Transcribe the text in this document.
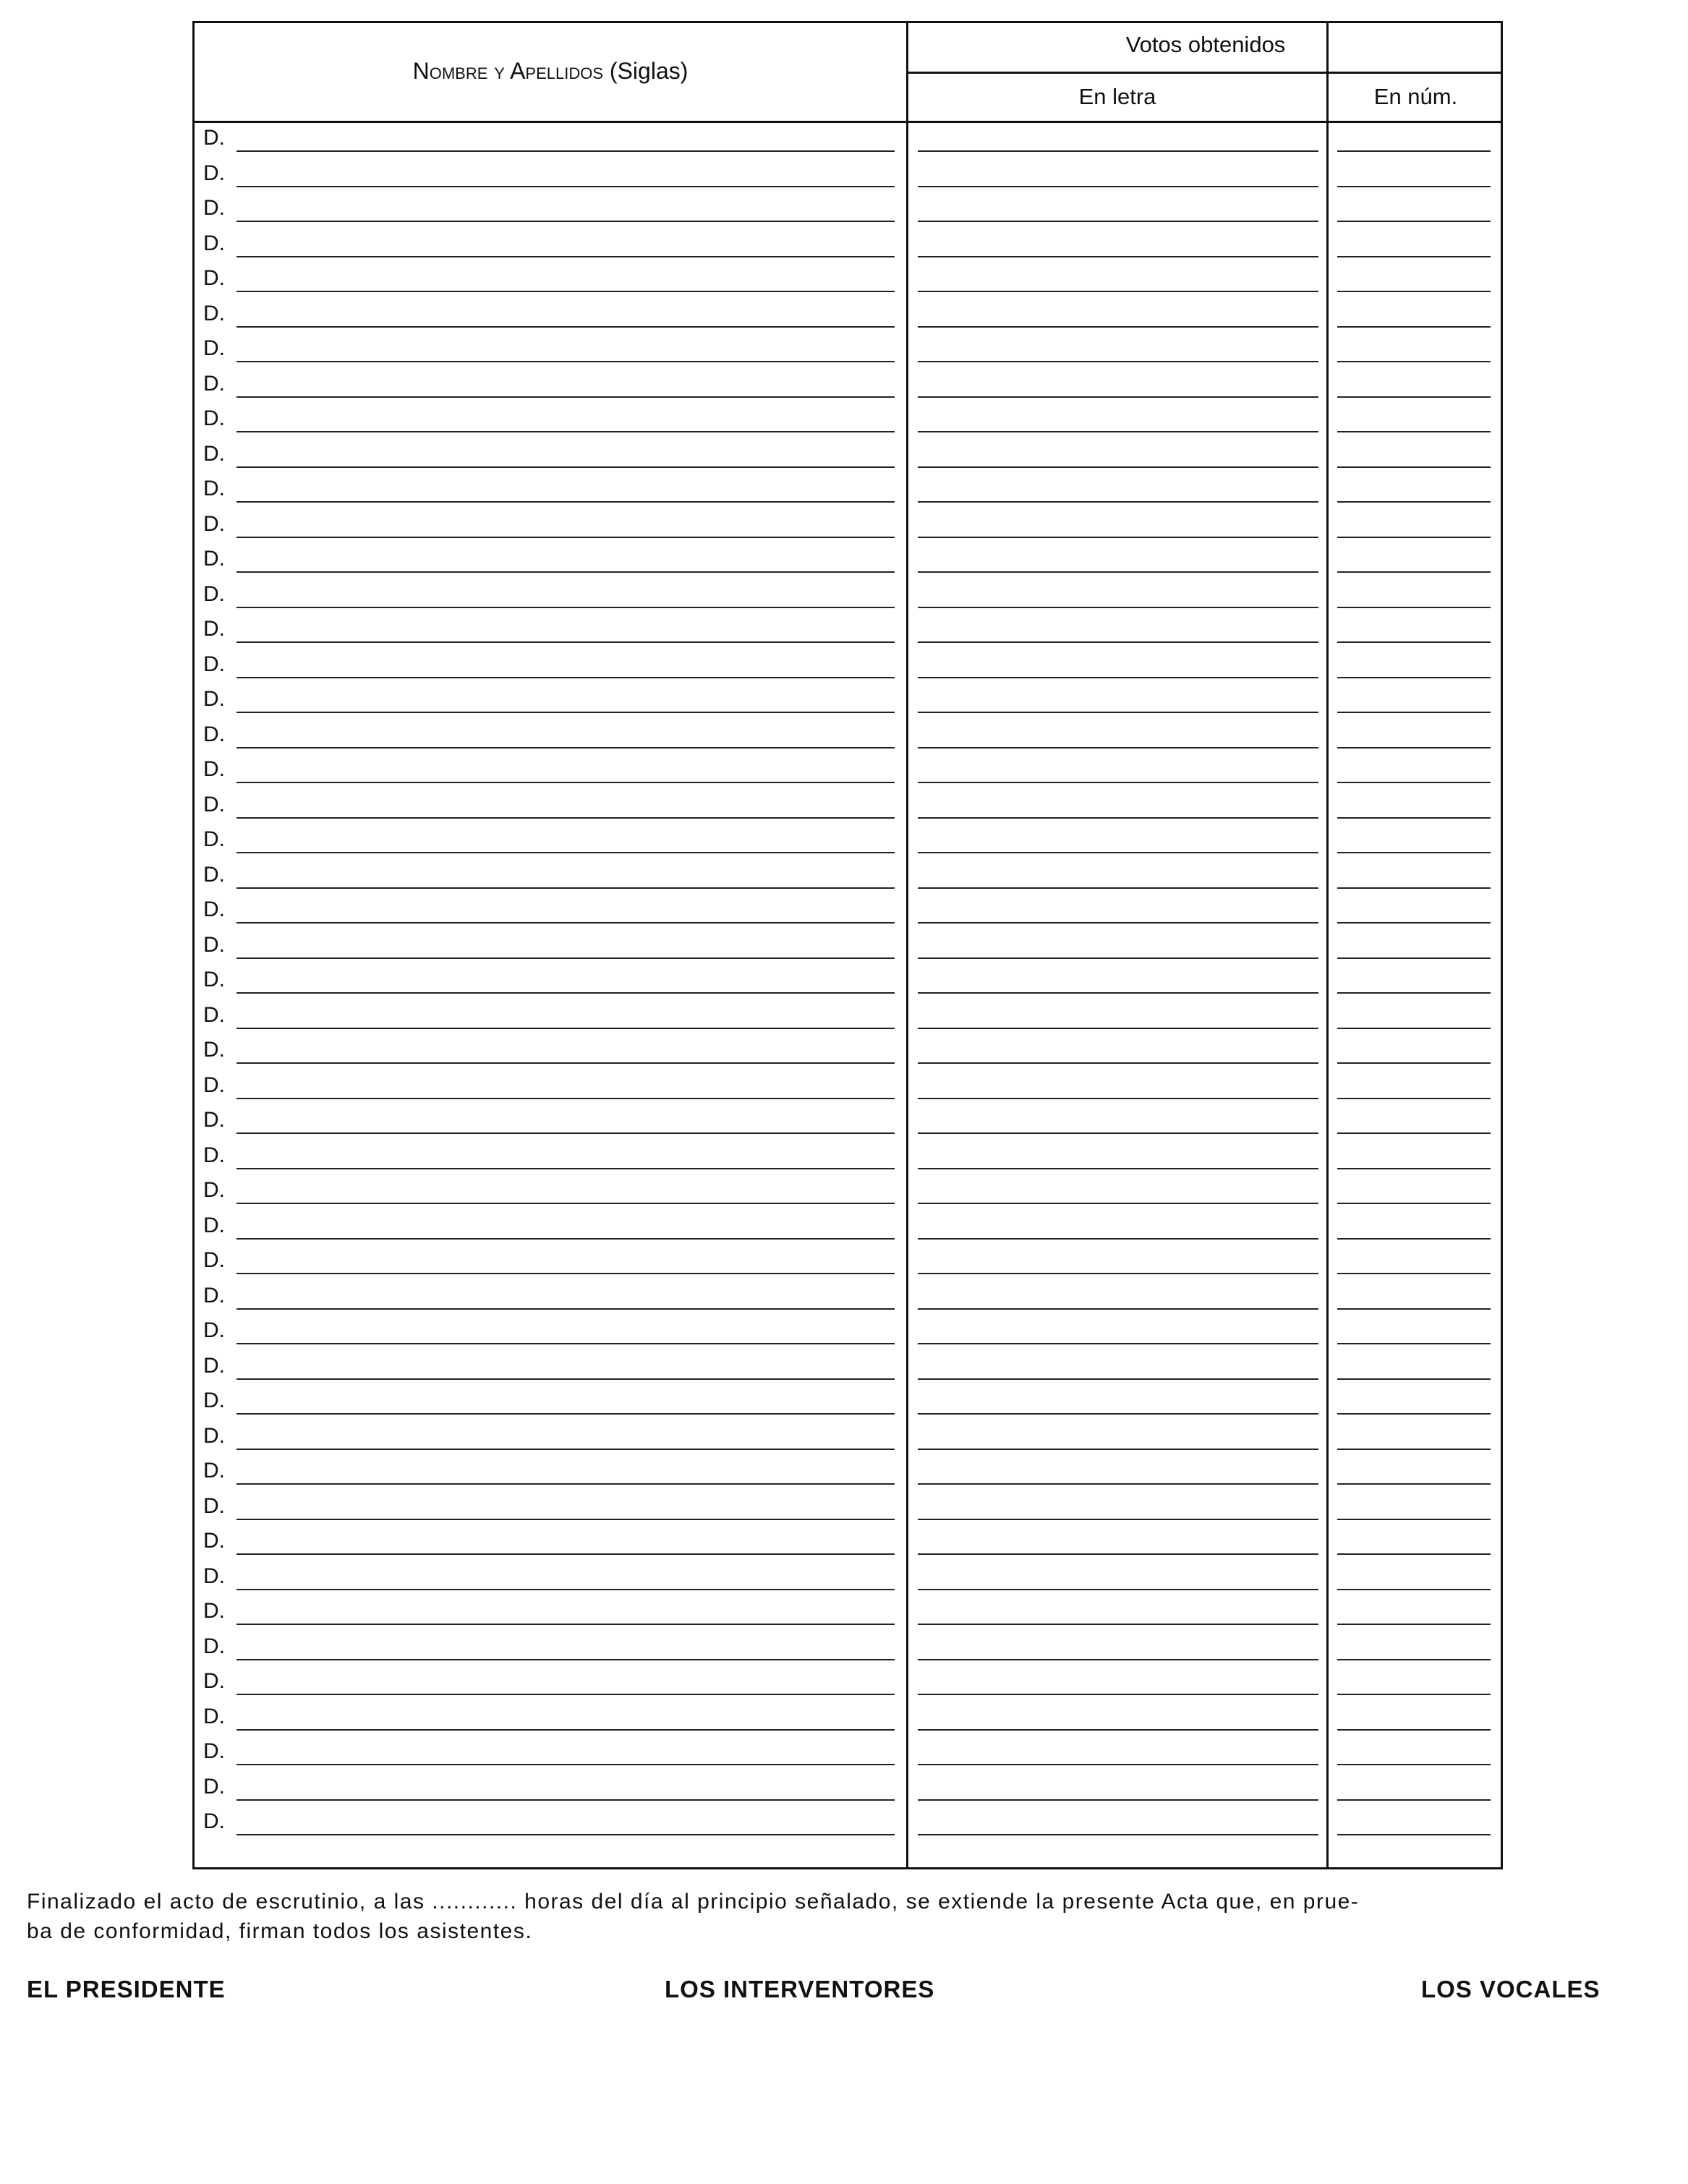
Nombre y Apellidos (Siglas)
Votos obtenidos
En letra	En núm.
D.
D.
D.
D.
D.
D.
D.
D.
D.
D.
D.
D.
D.
D.
D.
D.
D.
D.
D.
D.
D.
D.
D.
D.
D.
D.
D.
D.
D.
D.
D.
D.
D.
D.
D.
D.
D.
D.
D.
D.
D.
D.
D.
D.
D.
D.
D.
D.
D.
Finalizado el acto de escrutinio, a las ............ horas del día al principio señalado, se extiende la presente Acta que, en prue-
ba de conformidad, firman todos los asistentes.
EL PRESIDENTE	LOS INTERVENTORES	LOS VOCALES
